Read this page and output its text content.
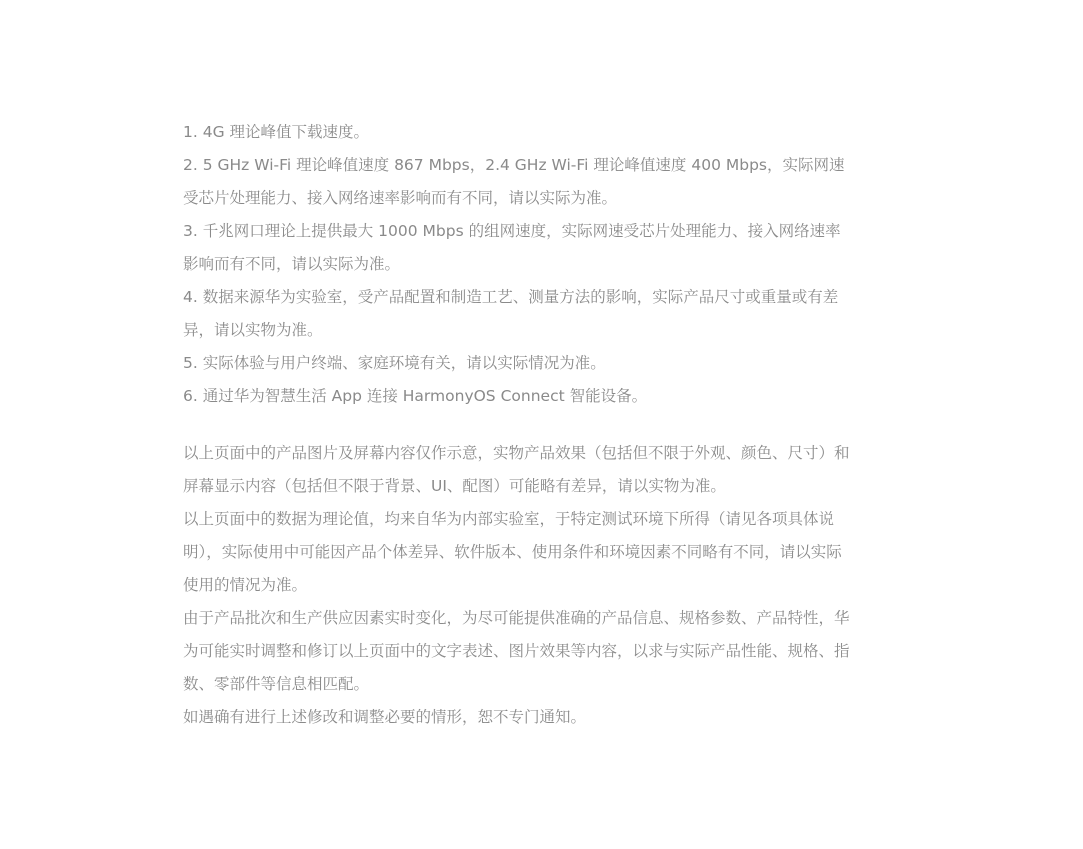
1. 4G 理论峰值下载速度。
2. 5 GHz Wi-Fi 理论峰值速度 867 Mbps，2.4 GHz Wi-Fi 理论峰值速度 400 Mbps，实际网速受芯片处理能力、接入网络速率影响而有不同，请以实际为准。
3. 千兆网口理论上提供最大 1000 Mbps 的组网速度，实际网速受芯片处理能力、接入网络速率影响而有不同，请以实际为准。
4. 数据来源华为实验室，受产品配置和制造工艺、测量方法的影响，实际产品尺寸或重量或有差异，请以实物为准。
5. 实际体验与用户终端、家庭环境有关，请以实际情况为准。
6. 通过华为智慧生活 App 连接 HarmonyOS Connect 智能设备。

以上页面中的产品图片及屏幕内容仅作示意，实物产品效果（包括但不限于外观、颜色、尺寸）和屏幕显示内容（包括但不限于背景、UI、配图）可能略有差异，请以实物为准。

以上页面中的数据为理论值，均来自华为内部实验室，于特定测试环境下所得（请见各项具体说明），实际使用中可能因产品个体差异、软件版本、使用条件和环境因素不同略有不同，请以实际使用的情况为准。

由于产品批次和生产供应因素实时变化，为尽可能提供准确的产品信息、规格参数、产品特性，华为可能实时调整和修订以上页面中的文字表述、图片效果等内容，以求与实际产品性能、规格、指数、零部件等信息相匹配。

如遇确有进行上述修改和调整必要的情形，恕不专门通知。
